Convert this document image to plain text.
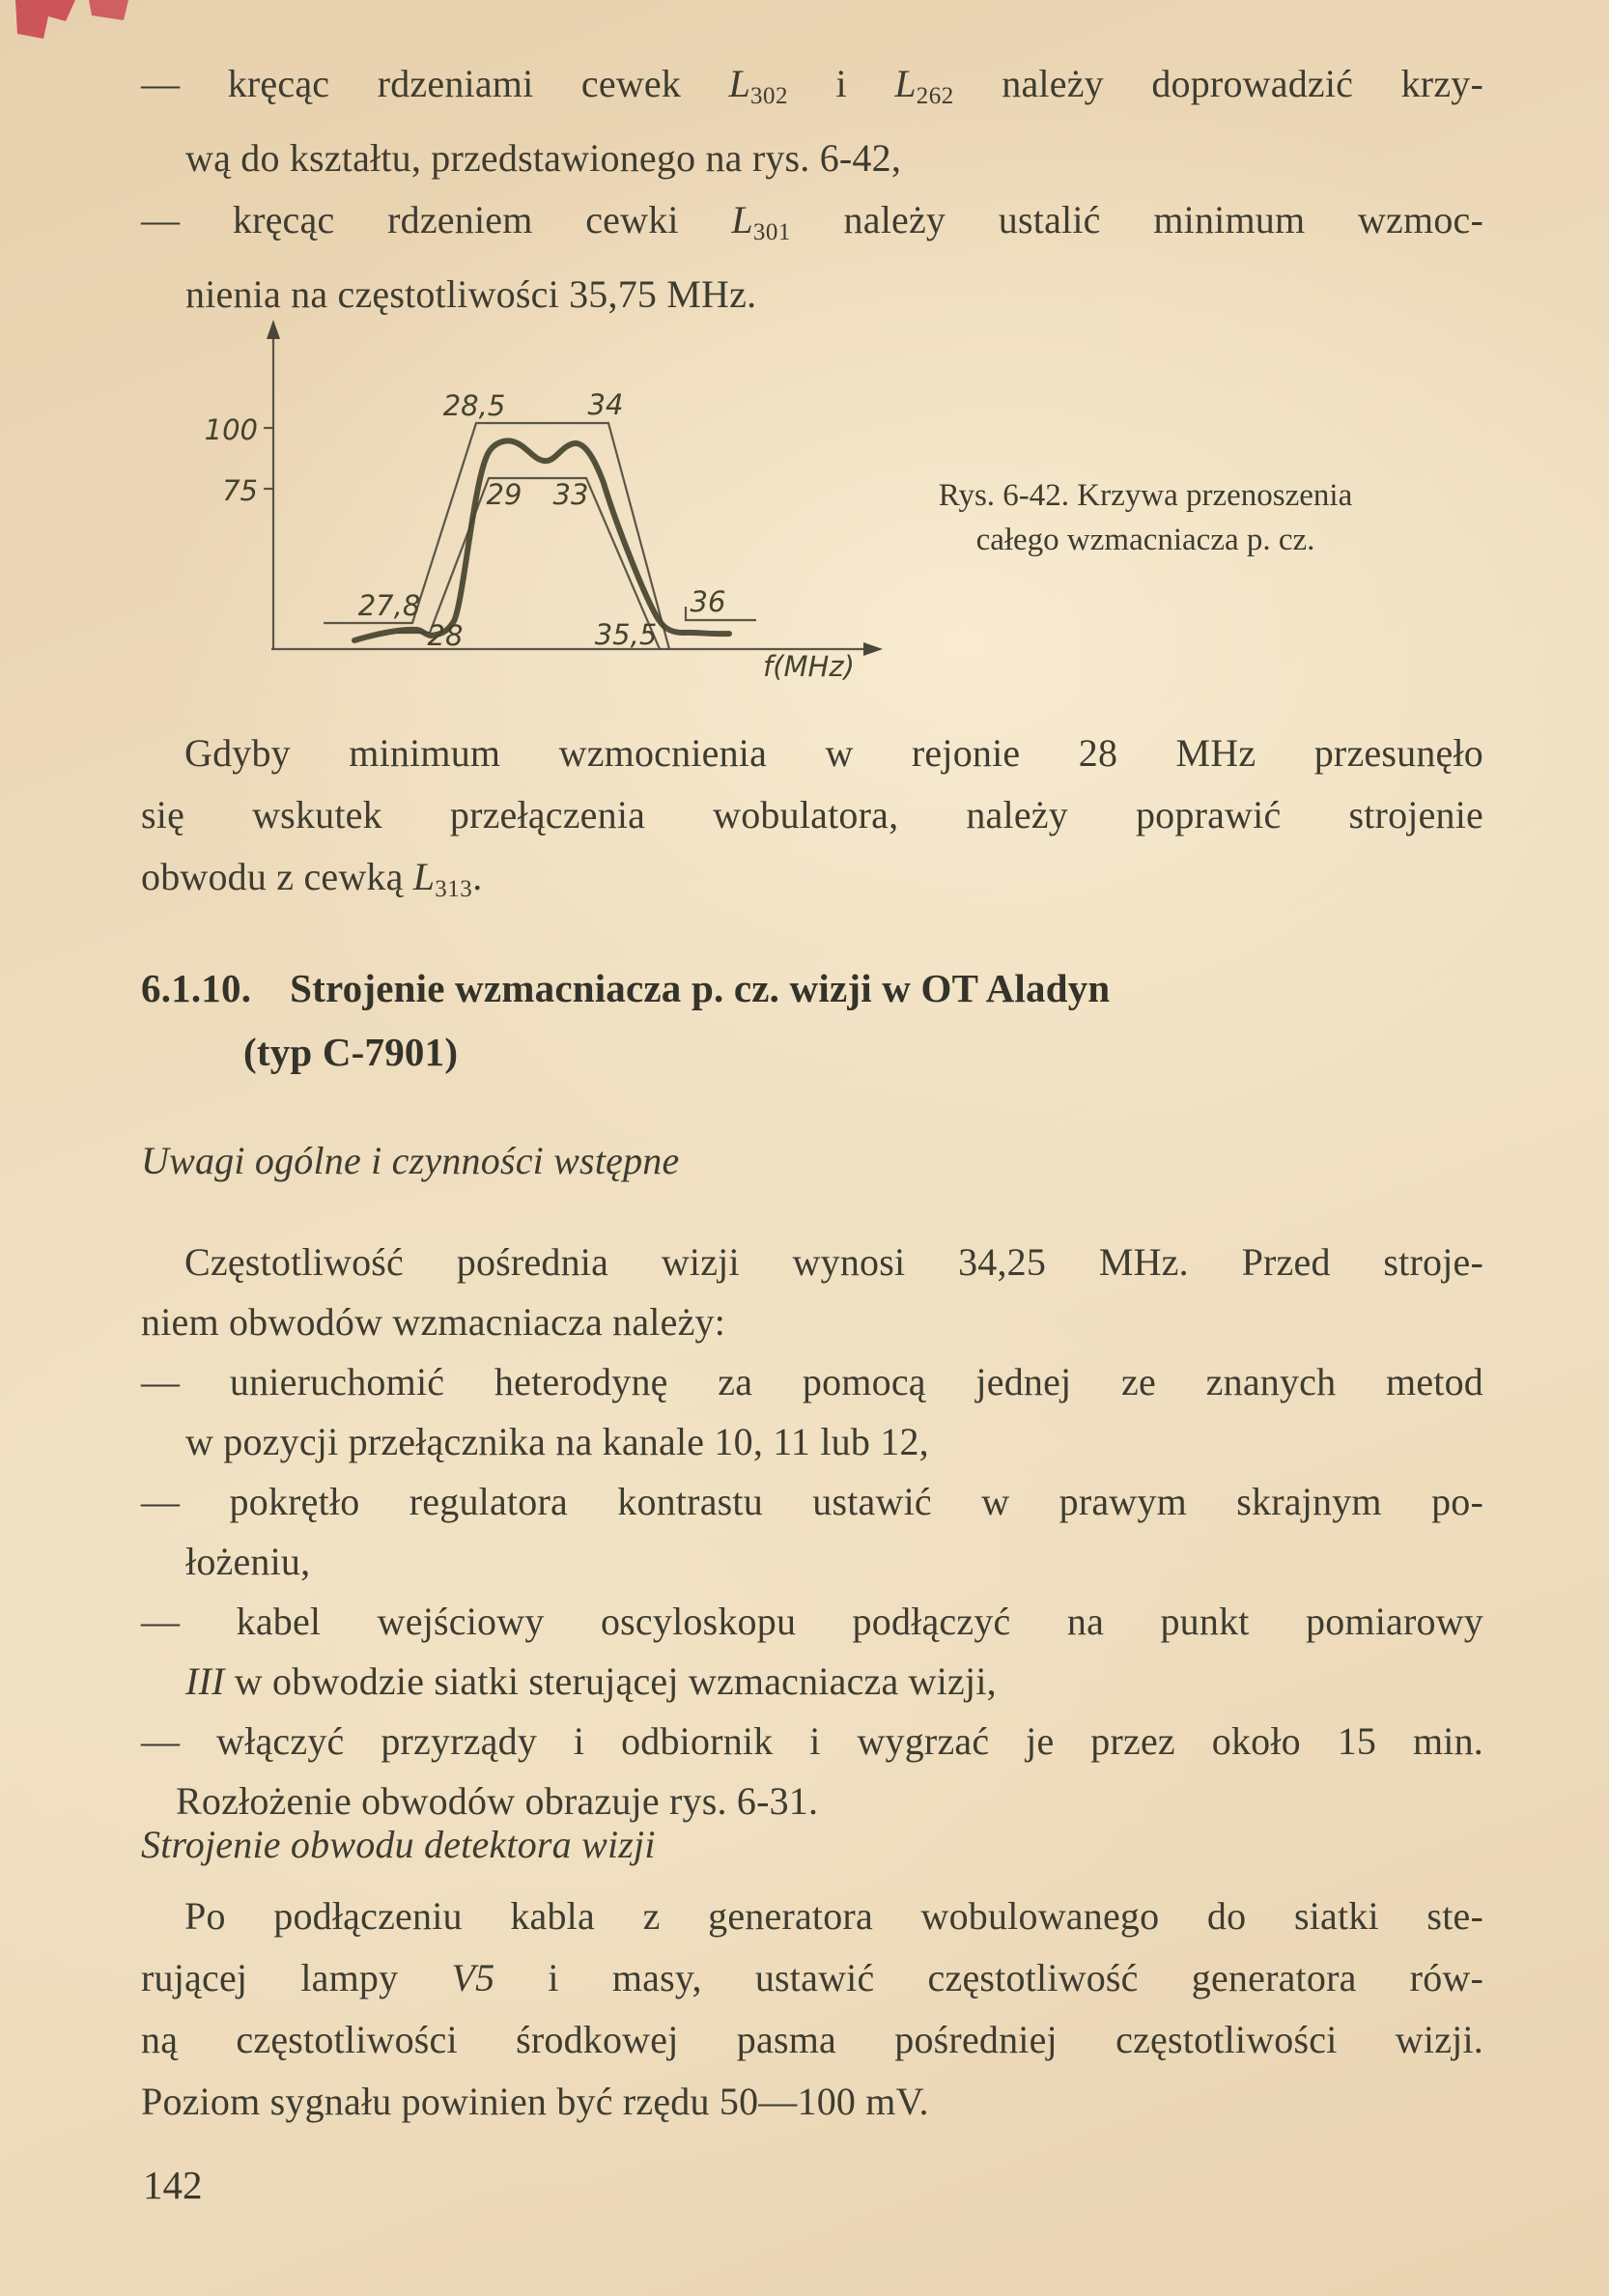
— kręcąc rdzeniami cewek L302 i L262 należy doprowadzić krzy-
wą do kształtu, przedstawionego na rys. 6-42,
— kręcąc rdzeniem cewki L301 należy ustalić minimum wzmoc-
nienia na częstotliwości 35,75 MHz.
100
75
f(MHz)
28,5	34
29 33
27,8
28	35,5
36
Rys. 6-42. Krzywa przenoszenia
całego wzmacniacza p. cz.
Gdyby minimum wzmocnienia w rejonie 28 MHz przesunęło
się wskutek przełączenia wobulatora, należy poprawić strojenie
obwodu z cewką L313.
6.1.10. Strojenie wzmacniacza p. cz. wizji w OT Aladyn
(typ C-7901)
Uwagi ogólne i czynności wstępne
Częstotliwość pośrednia wizji wynosi 34,25 MHz. Przed stroje-
niem obwodów wzmacniacza należy:
— unieruchomić heterodynę za pomocą jednej ze znanych metod
w pozycji przełącznika na kanale 10, 11 lub 12,
— pokrętło regulatora kontrastu ustawić w prawym skrajnym po-
łożeniu,
— kabel wejściowy oscyloskopu podłączyć na punkt pomiarowy
III w obwodzie siatki sterującej wzmacniacza wizji,
— włączyć przyrządy i odbiornik i wygrzać je przez około 15 min.
Rozłożenie obwodów obrazuje rys. 6-31.
Strojenie obwodu detektora wizji
Po podłączeniu kabla z generatora wobulowanego do siatki ste-
rującej lampy V5 i masy, ustawić częstotliwość generatora rów-
ną częstotliwości środkowej pasma pośredniej częstotliwości wizji.
Poziom sygnału powinien być rzędu 50—100 mV.
142
